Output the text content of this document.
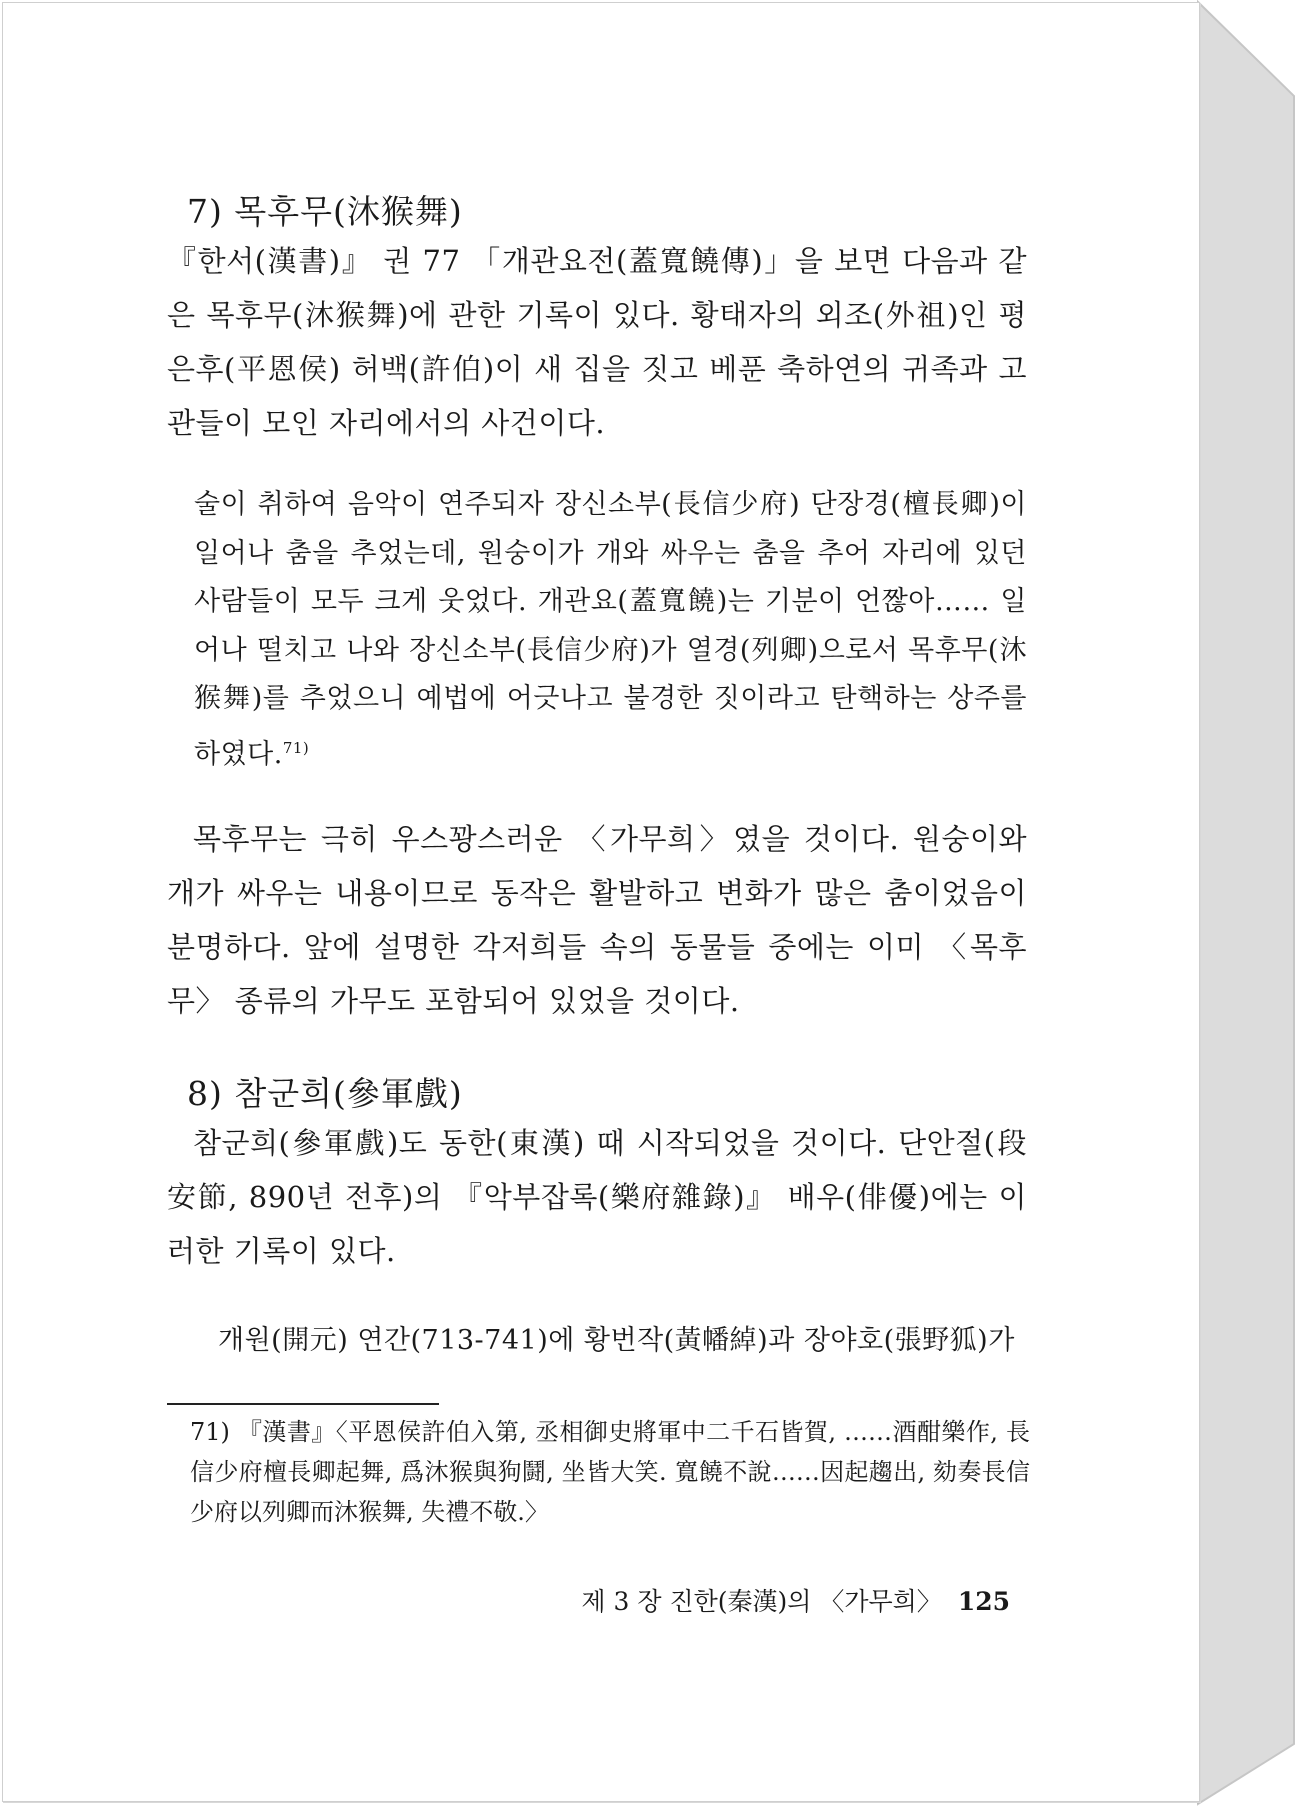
7) 목후무(沐猴舞)

『한서(漢書)』 권 77 「개관요전(蓋寬饒傳)」을 보면 다음과 같은 목후무(沐猴舞)에 관한 기록이 있다. 황태자의 외조(外祖)인 평은후(平恩侯) 허백(許伯)이 새 집을 짓고 베푼 축하연의 귀족과 고관들이 모인 자리에서의 사건이다.

술이 취하여 음악이 연주되자 장신소부(長信少府) 단장경(檀長卿)이 일어나 춤을 추었는데, 원숭이가 개와 싸우는 춤을 추어 자리에 있던 사람들이 모두 크게 웃었다. 개관요(蓋寬饒)는 기분이 언짢아…… 일어나 떨치고 나와 장신소부(長信少府)가 열경(列卿)으로서 목후무(沐猴舞)를 추었으니 예법에 어긋나고 불경한 짓이라고 탄핵하는 상주를 하였다.$^{71)}$

목후무는 극히 우스꽝스러운 〈가무희〉였을 것이다. 원숭이와 개가 싸우는 내용이므로 동작은 활발하고 변화가 많은 춤이었음이 분명하다. 앞에 설명한 각저희들 속의 동물들 중에는 이미 〈목후무〉 종류의 가무도 포함되어 있었을 것이다.

8) 참군희(參軍戲)

참군희(參軍戲)도 동한(東漢) 때 시작되었을 것이다. 단안절(段安節, 890년 전후)의 『악부잡록(樂府雜錄)』 배우(俳優)에는 이러한 기록이 있다.

개원(開元) 연간(713-741)에 황번작(黃幡綽)과 장야호(張野狐)가

71) 『漢書』〈平恩侯許伯入第, 丞相御史將軍中二千石皆賀, ……酒酣樂作, 長信少府檀長卿起舞, 爲沐猴與狗鬪, 坐皆大笑. 寬饒不說……因起趨出, 劾奏長信少府以列卿而沐猴舞, 失禮不敬.〉

제 3 장 진한(秦漢)의 〈가무희〉 125
